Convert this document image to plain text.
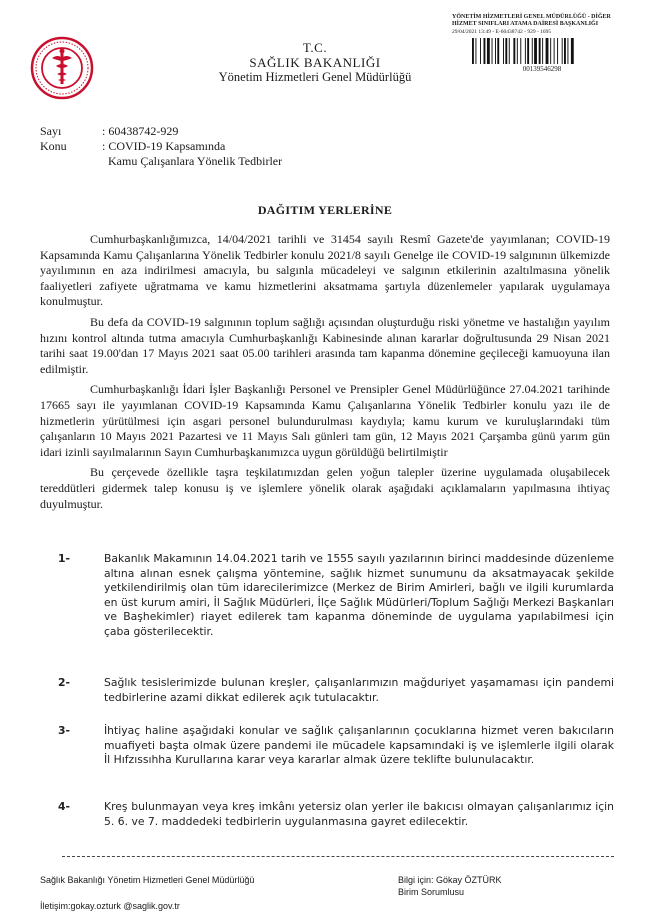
YÖNETİM HİZMETLERİ GENEL MÜDÜRLÜĞÜ - DİĞER HİZMET SINIFLARI ATAMA DAİRESİ BAŞKANLIĞI
29/04/2021 13:49 - E-60438742 - 929 - 1695
00139546298
T.C.
SAĞLIK BAKANLIĞI
Yönetim Hizmetleri Genel Müdürlüğü
Sayı	: 60438742-929
Konu	: COVID-19 Kapsamında
Kamu Çalışanlara Yönelik Tedbirler
DAĞITIM YERLERİNE

Cumhurbaşkanlığımızca, 14/04/2021 tarihli ve 31454 sayılı Resmî Gazete'de yayımlanan; COVID-19 Kapsamında Kamu Çalışanlarına Yönelik Tedbirler konulu 2021/8 sayılı Genelge ile COVID-19 salgınının ülkemizde yayılımının en aza indirilmesi amacıyla, bu salgınla mücadeleyi ve salgının etkilerinin azaltılmasına yönelik faaliyetleri zafiyete uğratmama ve kamu hizmetlerini aksatmama şartıyla düzenlemeler yapılarak uygulamaya konulmuştur.

Bu defa da COVID-19 salgınının toplum sağlığı açısından oluşturduğu riski yönetme ve hastalığın yayılım hızını kontrol altında tutma amacıyla Cumhurbaşkanlığı Kabinesinde alınan kararlar doğrultusunda 29 Nisan 2021 tarihi saat 19.00'dan 17 Mayıs 2021 saat 05.00 tarihleri arasında tam kapanma dönemine geçileceği kamuoyuna ilan edilmiştir.

Cumhurbaşkanlığı İdari İşler Başkanlığı Personel ve Prensipler Genel Müdürlüğünce 27.04.2021 tarihinde 17665 sayı ile yayımlanan COVID-19 Kapsamında Kamu Çalışanlarına Yönelik Tedbirler konulu yazı ile de hizmetlerin yürütülmesi için asgari personel bulundurulması kaydıyla; kamu kurum ve kuruluşlarındaki tüm çalışanların 10 Mayıs 2021 Pazartesi ve 11 Mayıs Salı günleri tam gün, 12 Mayıs 2021 Çarşamba günü yarım gün idari izinli sayılmalarının Sayın Cumhurbaşkanımızca uygun görüldüğü belirtilmiştir

Bu çerçevede özellikle taşra teşkilatımızdan gelen yoğun talepler üzerine uygulamada oluşabilecek tereddütleri gidermek talep konusu iş ve işlemlere yönelik olarak aşağıdaki açıklamaların yapılmasına ihtiyaç duyulmuştur.

1-	Bakanlık Makamının 14.04.2021 tarih ve 1555 sayılı yazılarının birinci maddesinde düzenleme altına alınan esnek çalışma yöntemine, sağlık hizmet sunumunu da aksatmayacak şekilde yetkilendirilmiş olan tüm idarecilerimizce (Merkez de Birim Amirleri, bağlı ve ilgili kurumlarda en üst kurum amiri, İl Sağlık Müdürleri, İlçe Sağlık Müdürleri/Toplum Sağlığı Merkezi Başkanları ve Başhekimler) riayet edilerek tam kapanma döneminde de uygulama yapılabilmesi için çaba gösterilecektir.
2-	Sağlık tesislerimizde bulunan kreşler, çalışanlarımızın mağduriyet yaşamaması için pandemi tedbirlerine azami dikkat edilerek açık tutulacaktır.
3-	İhtiyaç haline aşağıdaki konular ve sağlık çalışanlarının çocuklarına hizmet veren bakıcıların muafiyeti başta olmak üzere pandemi ile mücadele kapsamındaki iş ve işlemlerle ilgili olarak İl Hıfzıssıhha Kurullarına karar veya kararlar almak üzere teklifte bulunulacaktır.
4-	Kreş bulunmayan veya kreş imkânı yetersiz olan yerler ile bakıcısı olmayan çalışanlarımız için 5. 6. ve 7. maddedeki tedbirlerin uygulanmasına gayret edilecektir.
Sağlık Bakanlığı Yönetim Hizmetleri Genel Müdürlüğü	Bilgi için: Gökay ÖZTÜRK
Birim Sorumlusu
İletişim:gokay.ozturk @saglik.gov.tr
